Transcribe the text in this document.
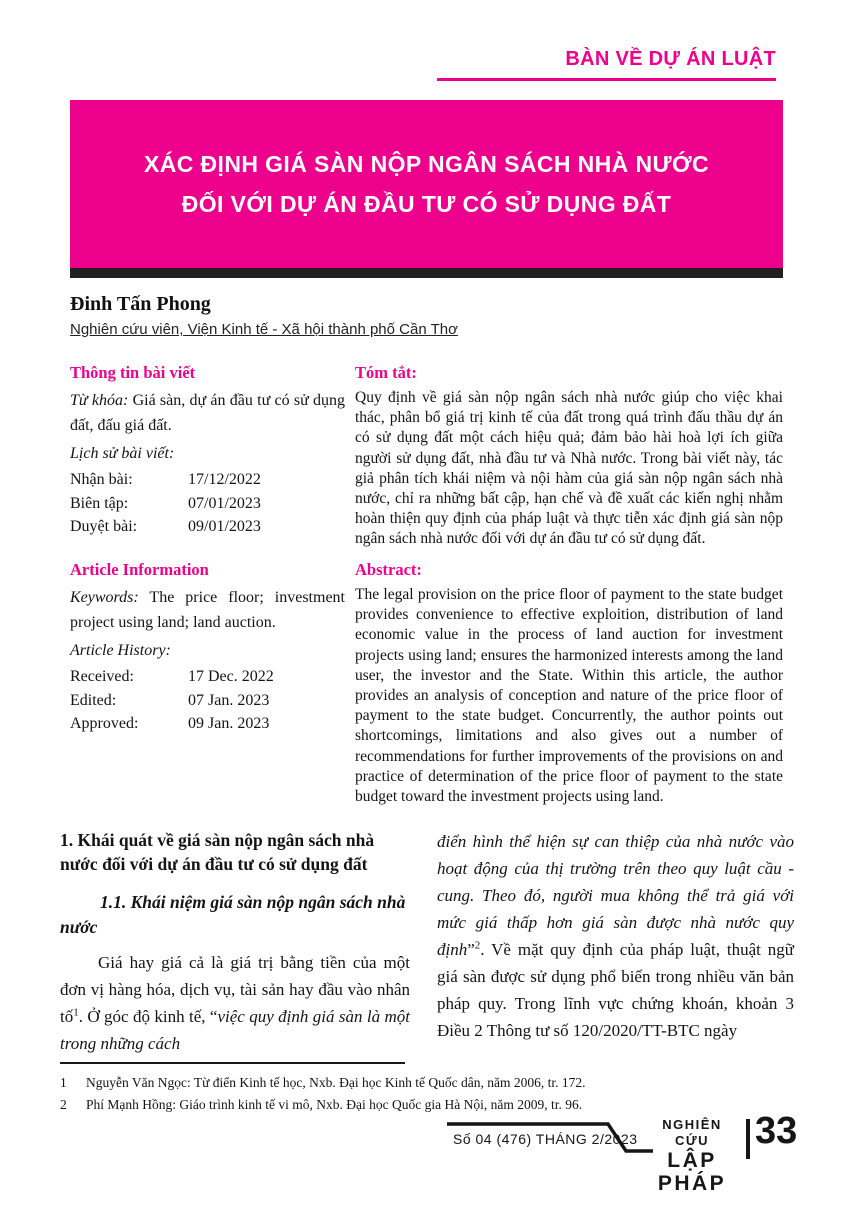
BÀN VỀ DỰ ÁN LUẬT
XÁC ĐỊNH GIÁ SÀN NỘP NGÂN SÁCH NHÀ NƯỚC
ĐỐI VỚI DỰ ÁN ĐẦU TƯ CÓ SỬ DỤNG ĐẤT
Đinh Tấn Phong
Nghiên cứu viên, Viện Kinh tế - Xã hội thành phố Cần Thơ
Thông tin bài viết

Từ khóa: Giá sàn, dự án đầu tư có sử dụng đất, đấu giá đất.

Lịch sử bài viết:
Nhận bài:	17/12/2022
Biên tập:	07/01/2023
Duyệt bài:	09/01/2023
Tóm tắt:

Quy định về giá sàn nộp ngân sách nhà nước giúp cho việc khai thác, phân bổ giá trị kinh tế của đất trong quá trình đấu thầu dự án có sử dụng đất một cách hiệu quả; đảm bảo hài hoà lợi ích giữa người sử dụng đất, nhà đầu tư và Nhà nước. Trong bài viết này, tác giả phân tích khái niệm và nội hàm của giá sàn nộp ngân sách nhà nước, chỉ ra những bất cập, hạn chế và đề xuất các kiến nghị nhằm hoàn thiện quy định của pháp luật và thực tiễn xác định giá sàn nộp ngân sách nhà nước đối với dự án đầu tư có sử dụng đất.

Article Information

Keywords: The price floor; investment project using land; land auction.

Article History:
Received:	17 Dec. 2022
Edited:	07 Jan. 2023
Approved:	09 Jan. 2023
Abstract:

The legal provision on the price floor of payment to the state budget provides convenience to effective exploition, distribution of land economic value in the process of land auction for investment projects using land; ensures the harmonized interests among the land user, the investor and the State. Within this article, the author provides an analysis of conception and nature of the price floor of payment to the state budget. Concurrently, the author points out shortcomings, limitations and also gives out a number of recommendations for further improvements of the provisions on and practice of determination of the price floor of payment to the state budget toward the investment projects using land.

1. Khái quát về giá sàn nộp ngân sách nhà nước đối với dự án đầu tư có sử dụng đất
1.1. Khái niệm giá sàn nộp ngân sách nhà nước

Giá hay giá cả là giá trị bằng tiền của một đơn vị hàng hóa, dịch vụ, tài sản hay đầu vào nhân tố$^1$. Ở góc độ kinh tế, “việc quy định giá sàn là một trong những cách

điển hình thể hiện sự can thiệp của nhà nước vào hoạt động của thị trường trên theo quy luật cầu - cung. Theo đó, người mua không thể trả giá với mức giá thấp hơn giá sàn được nhà nước quy định”$^2$. Về mặt quy định của pháp luật, thuật ngữ giá sàn được sử dụng phổ biến trong nhiều văn bản pháp quy. Trong lĩnh vực chứng khoán, khoản 3 Điều 2 Thông tư số 120/2020/TT-BTC ngày

1	Nguyễn Văn Ngọc: Từ điển Kinh tế học, Nxb. Đại học Kinh tế Quốc dân, năm 2006, tr. 172.
2	Phí Mạnh Hồng: Giáo trình kinh tế vi mô, Nxb. Đại học Quốc gia Hà Nội, năm 2009, tr. 96.
Số 04 (476) THÁNG 2/2023
NGHIÊN CỨU
LẬP PHÁP
33
